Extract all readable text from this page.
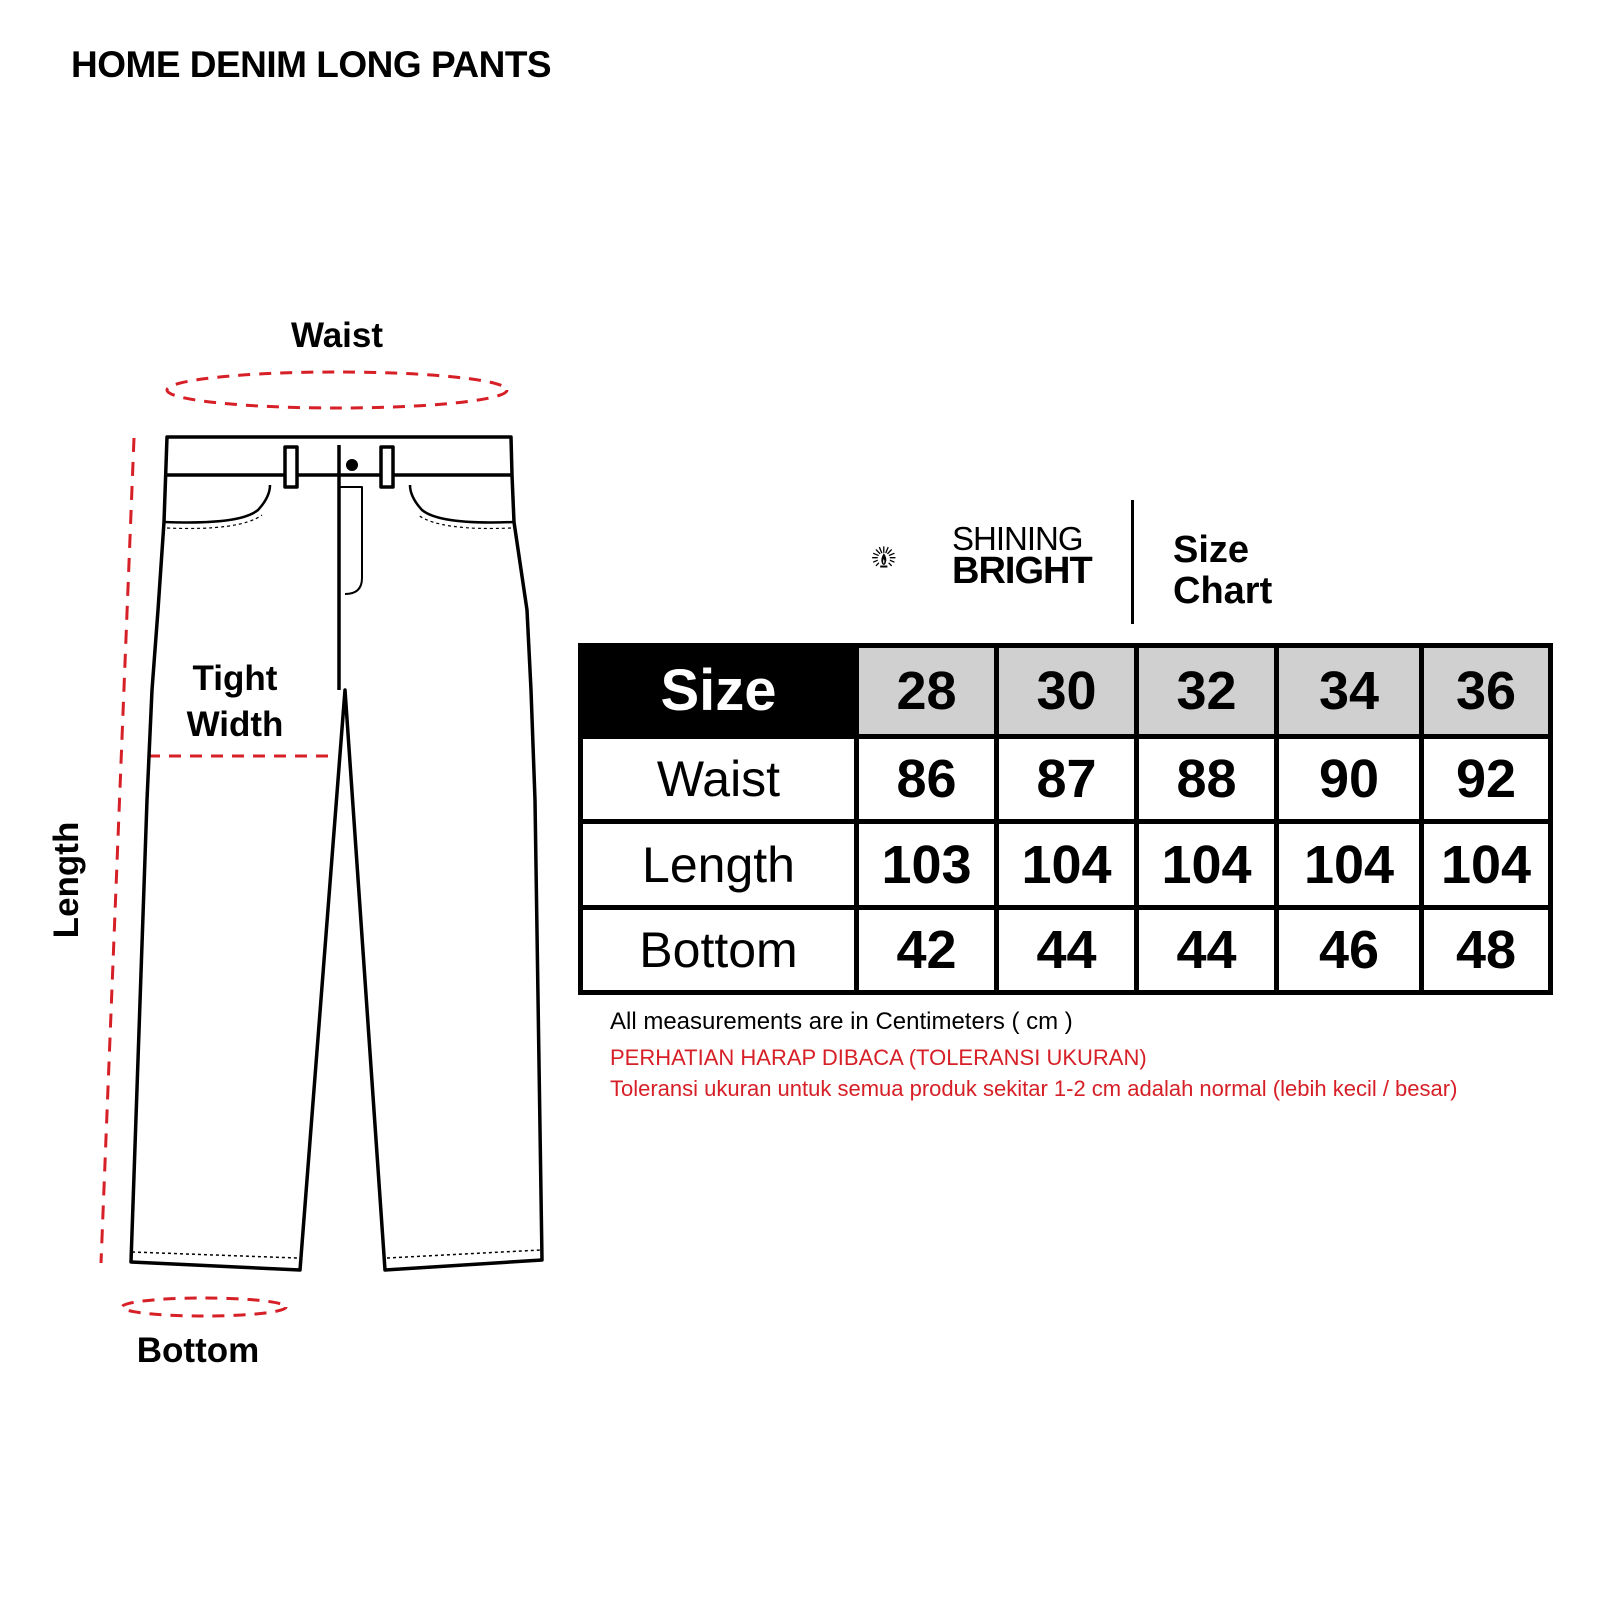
HOME DENIM LONG PANTS
Waist
Length
Tight
Width
Bottom
SHINING
BRIGHT Size
Chart
Size	28	30	32	34	36
Waist	86	87	88	90	92
Length	103	104	104	104	104
Bottom	42	44	44	46	48
All measurements are in Centimeters ( cm )
PERHATIAN HARAP DIBACA (TOLERANSI UKURAN)
Toleransi ukuran untuk semua produk sekitar 1-2 cm adalah normal (lebih kecil / besar)
